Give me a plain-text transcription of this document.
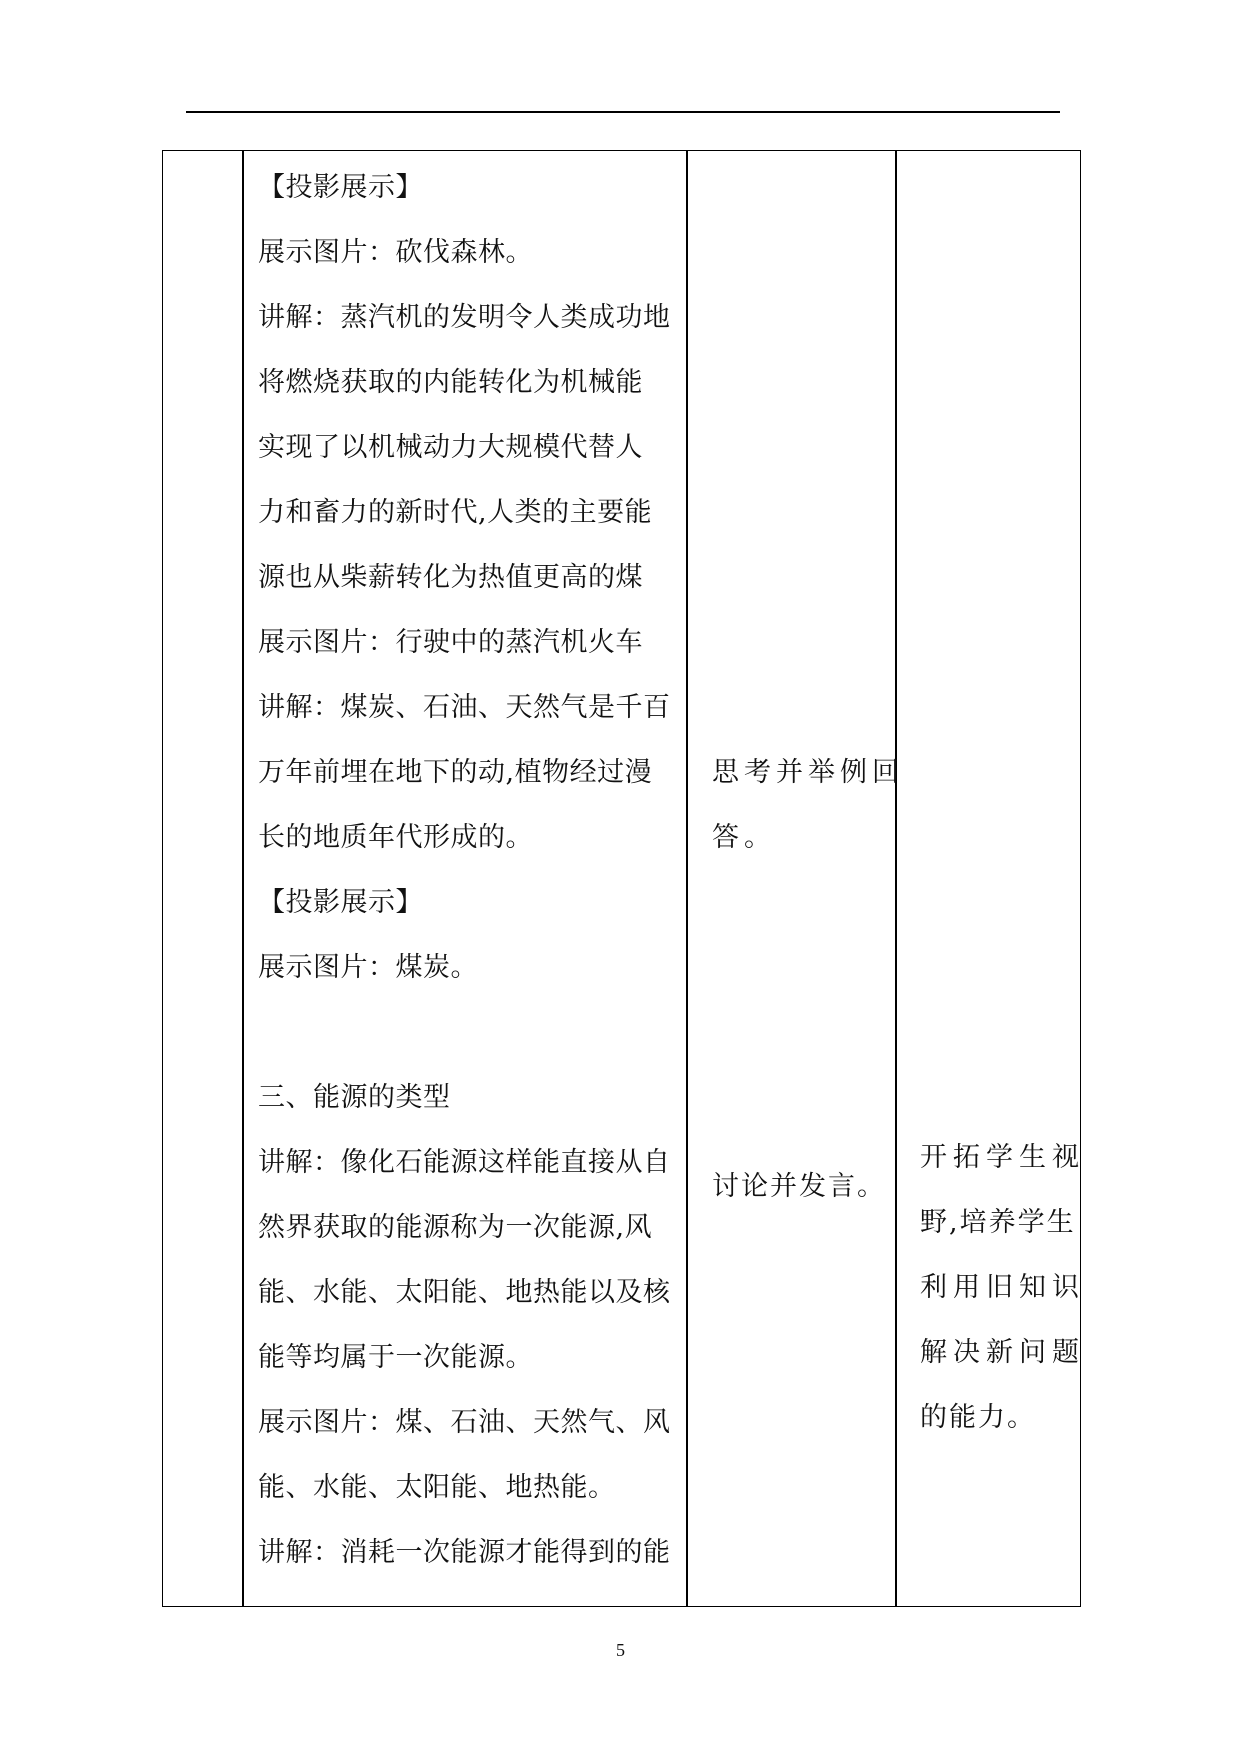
【投影展示】
展示图片：砍伐森林。
讲解：蒸汽机的发明令人类成功地
将燃烧获取的内能转化为机械能
实现了以机械动力大规模代替人
力和畜力的新时代,人类的主要能
源也从柴薪转化为热值更高的煤
展示图片：行驶中的蒸汽机火车
讲解：煤炭、石油、天然气是千百
万年前埋在地下的动,植物经过漫
长的地质年代形成的。
【投影展示】
展示图片：煤炭。
三、能源的类型
讲解：像化石能源这样能直接从自
然界获取的能源称为一次能源,风
能、水能、太阳能、地热能以及核
能等均属于一次能源。
展示图片：煤、石油、天然气、风
能、水能、太阳能、地热能。
讲解：消耗一次能源才能得到的能
思考并举例回
答。
讨论并发言。
开拓学生视
野,培养学生
利用旧知识
解决新问题
的能力。
5
